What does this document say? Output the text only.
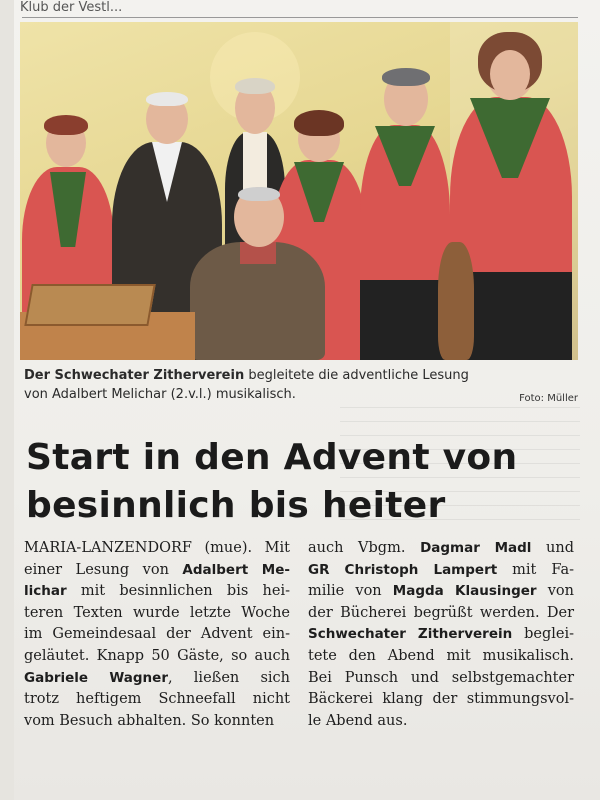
Klub der Vestl...
Der Schwechater Zitherverein begleitete die adventliche Lesung
von Adalbert Melichar (2.v.l.) musikalisch.	Foto: Müller
Start in den Advent von
besinnlich bis heiter
MARIA-LANZENDORF (mue). Mit
einer Lesung von Adalbert Me-
lichar mit besinnlichen bis hei-
teren Texten wurde letzte Woche
im Gemeindesaal der Advent ein-
geläutet. Knapp 50 Gäste, so auch
Gabriele Wagner, ließen sich
trotz heftigem Schneefall nicht
vom Besuch abhalten. So konnten
auch Vbgm. Dagmar Madl und
GR Christoph Lampert mit Fa-
milie von Magda Klausinger von
der Bücherei begrüßt werden. Der
Schwechater Zitherverein beglei-
tete den Abend mit musikalisch.
Bei Punsch und selbstgemachter
Bäckerei klang der stimmungsvol-
le Abend aus.
